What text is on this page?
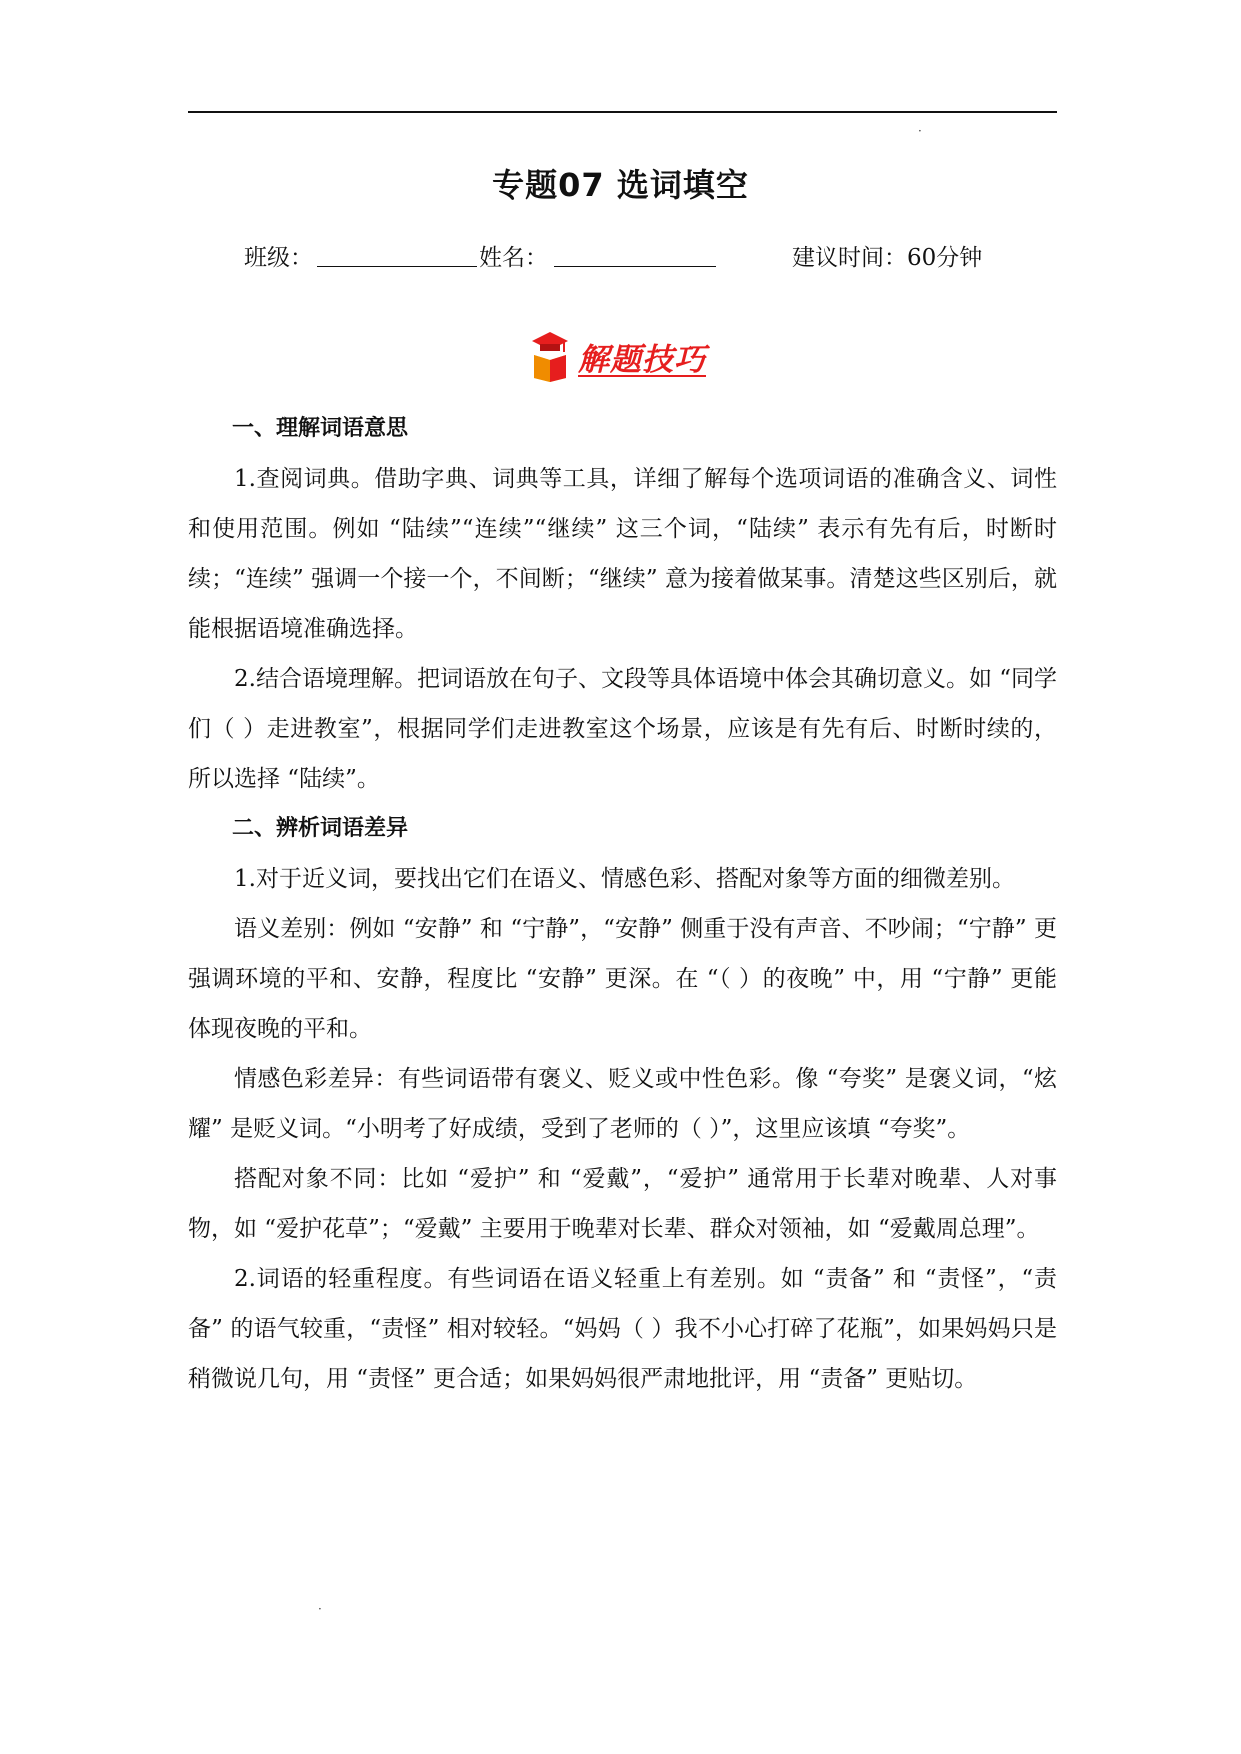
·
专题07 选词填空
班级：	姓名：	建议时间：60分钟
解题技巧
一、理解词语意思

1.查阅词典。借助字典、词典等工具，详细了解每个选项词语的准确含义、词性和使用范围。例如 “陆续”“连续”“继续” 这三个词，“陆续” 表示有先有后，时断时续；“连续” 强调一个接一个，不间断；“继续” 意为接着做某事。清楚这些区别后，就能根据语境准确选择。

2.结合语境理解。把词语放在句子、文段等具体语境中体会其确切意义。如 “同学们（ ）走进教室”，根据同学们走进教室这个场景，应该是有先有后、时断时续的，所以选择 “陆续”。

二、辨析词语差异

1.对于近义词，要找出它们在语义、情感色彩、搭配对象等方面的细微差别。

语义差别：例如 “安静” 和 “宁静”，“安静” 侧重于没有声音、不吵闹；“宁静” 更强调环境的平和、安静，程度比 “安静” 更深。在 “（ ）的夜晚” 中，用 “宁静” 更能体现夜晚的平和。

情感色彩差异：有些词语带有褒义、贬义或中性色彩。像 “夸奖” 是褒义词，“炫耀” 是贬义词。“小明考了好成绩，受到了老师的（ ）”，这里应该填 “夸奖”。

搭配对象不同：比如 “爱护” 和 “爱戴”，“爱护” 通常用于长辈对晚辈、人对事物，如 “爱护花草”；“爱戴” 主要用于晚辈对长辈、群众对领袖，如 “爱戴周总理”。

2.词语的轻重程度。有些词语在语义轻重上有差别。如 “责备” 和 “责怪”，“责备” 的语气较重，“责怪” 相对较轻。“妈妈（ ）我不小心打碎了花瓶”，如果妈妈只是稍微说几句，用 “责怪” 更合适；如果妈妈很严肃地批评，用 “责备” 更贴切。

·
